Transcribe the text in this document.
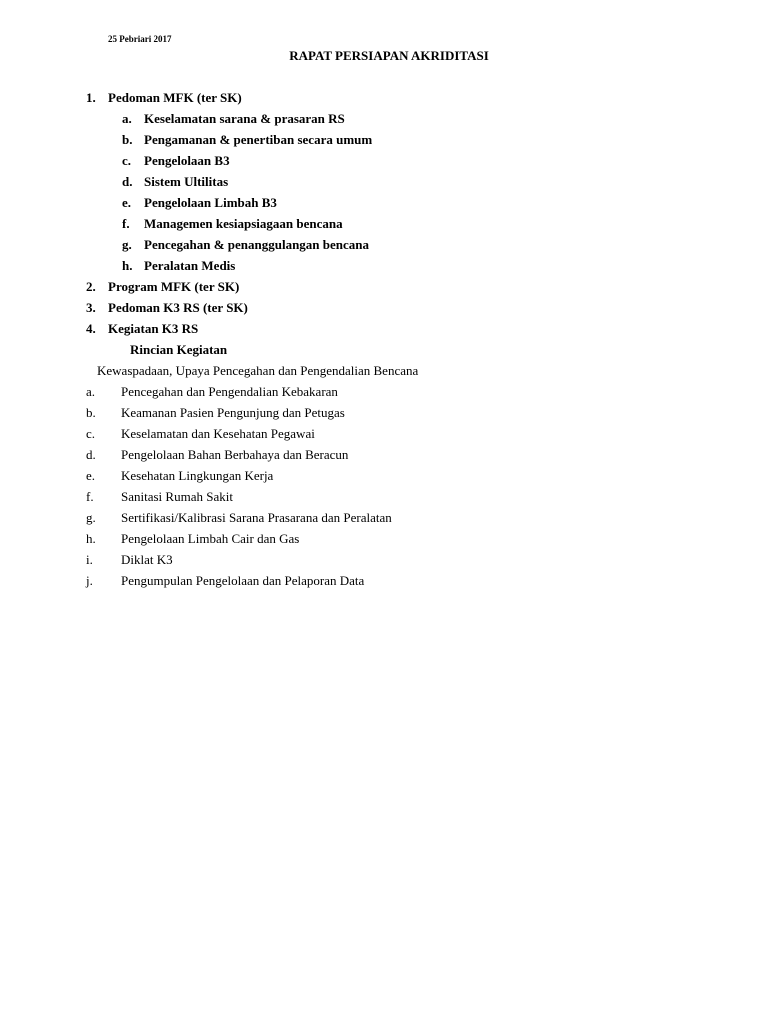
25 Pebriari 2017
RAPAT PERSIAPAN AKRIDITASI
1. Pedoman MFK (ter SK)
a. Keselamatan sarana & prasaran RS
b. Pengamanan & penertiban secara umum
c. Pengelolaan B3
d. Sistem Ultilitas
e. Pengelolaan Limbah B3
f. Managemen kesiapsiagaan bencana
g. Pencegahan & penanggulangan bencana
h. Peralatan Medis
2. Program MFK (ter SK)
3. Pedoman K3 RS (ter SK)
4. Kegiatan K3 RS
Rincian Kegiatan
Kewaspadaan, Upaya Pencegahan dan Pengendalian Bencana
a. Pencegahan dan Pengendalian Kebakaran
b. Keamanan Pasien Pengunjung dan Petugas
c. Keselamatan dan Kesehatan Pegawai
d. Pengelolaan Bahan Berbahaya dan Beracun
e. Kesehatan Lingkungan Kerja
f. Sanitasi Rumah Sakit
g. Sertifikasi/Kalibrasi Sarana Prasarana dan Peralatan
h. Pengelolaan Limbah Cair dan Gas
i. Diklat K3
j. Pengumpulan Pengelolaan dan Pelaporan Data
